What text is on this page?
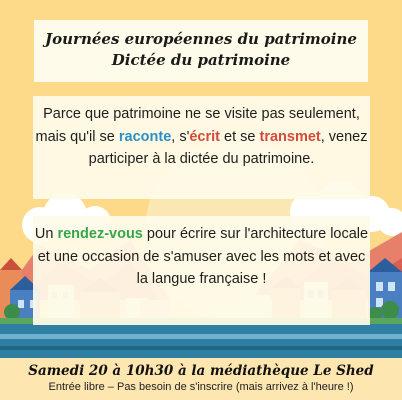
Journées européennes du patrimoine
Dictée du patrimoine
Parce que patrimoine ne se visite pas seulement, mais qu'il se raconte, s'écrit et se transmet, venez participer à la dictée du patrimoine.
Un rendez-vous pour écrire sur l'architecture locale et une occasion de s'amuser avec les mots et avec la langue française !
Samedi 20 à 10h30 à la médiathèque Le Shed
Entrée libre – Pas besoin de s'inscrire (mais arrivez à l'heure !)
